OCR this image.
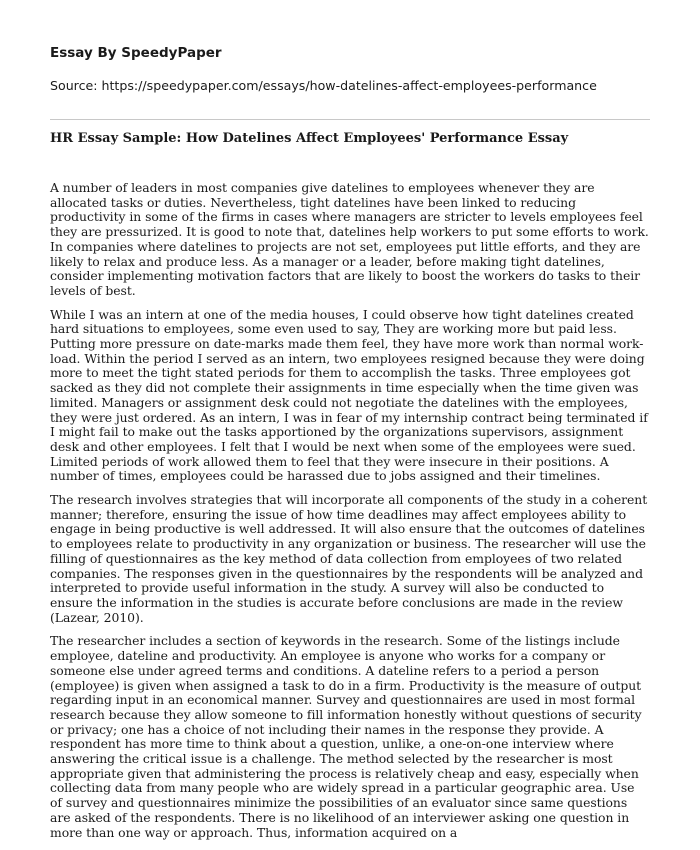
Essay By SpeedyPaper
Source: https://speedypaper.com/essays/how-datelines-affect-employees-performance
HR Essay Sample: How Datelines Affect Employees' Performance Essay

A number of leaders in most companies give datelines to employees whenever they are allocated tasks or duties. Nevertheless, tight datelines have been linked to reducing productivity in some of the firms in cases where managers are stricter to levels employees feel they are pressurized. It is good to note that, datelines help workers to put some efforts to work. In companies where datelines to projects are not set, employees put little efforts, and they are likely to relax and produce less. As a manager or a leader, before making tight datelines, consider implementing motivation factors that are likely to boost the workers do tasks to their levels of best.

While I was an intern at one of the media houses, I could observe how tight datelines created hard situations to employees, some even used to say, They are working more but paid less. Putting more pressure on date-marks made them feel, they have more work than normal work-load. Within the period I served as an intern, two employees resigned because they were doing more to meet the tight stated periods for them to accomplish the tasks. Three employees got sacked as they did not complete their assignments in time especially when the time given was limited. Managers or assignment desk could not negotiate the datelines with the employees, they were just ordered. As an intern, I was in fear of my internship contract being terminated if I might fail to make out the tasks apportioned by the organizations supervisors, assignment desk and other employees. I felt that I would be next when some of the employees were sued. Limited periods of work allowed them to feel that they were insecure in their positions. A number of times, employees could be harassed due to jobs assigned and their timelines.

The research involves strategies that will incorporate all components of the study in a coherent manner; therefore, ensuring the issue of how time deadlines may affect employees ability to engage in being productive is well addressed. It will also ensure that the outcomes of datelines to employees relate to productivity in any organization or business. The researcher will use the filling of questionnaires as the key method of data collection from employees of two related companies. The responses given in the questionnaires by the respondents will be analyzed and interpreted to provide useful information in the study. A survey will also be conducted to ensure the information in the studies is accurate before conclusions are made in the review (Lazear, 2010).

The researcher includes a section of keywords in the research. Some of the listings include employee, dateline and productivity. An employee is anyone who works for a company or someone else under agreed terms and conditions. A dateline refers to a period a person (employee) is given when assigned a task to do in a firm. Productivity is the measure of output regarding input in an economical manner. Survey and questionnaires are used in most formal research because they allow someone to fill information honestly without questions of security or privacy; one has a choice of not including their names in the response they provide. A respondent has more time to think about a question, unlike, a one-on-one interview where answering the critical issue is a challenge. The method selected by the researcher is most appropriate given that administering the process is relatively cheap and easy, especially when collecting data from many people who are widely spread in a particular geographic area. Use of survey and questionnaires minimize the possibilities of an evaluator since same questions are asked of the respondents. There is no likelihood of an interviewer asking one question in more than one way or approach. Thus, information acquired on a
